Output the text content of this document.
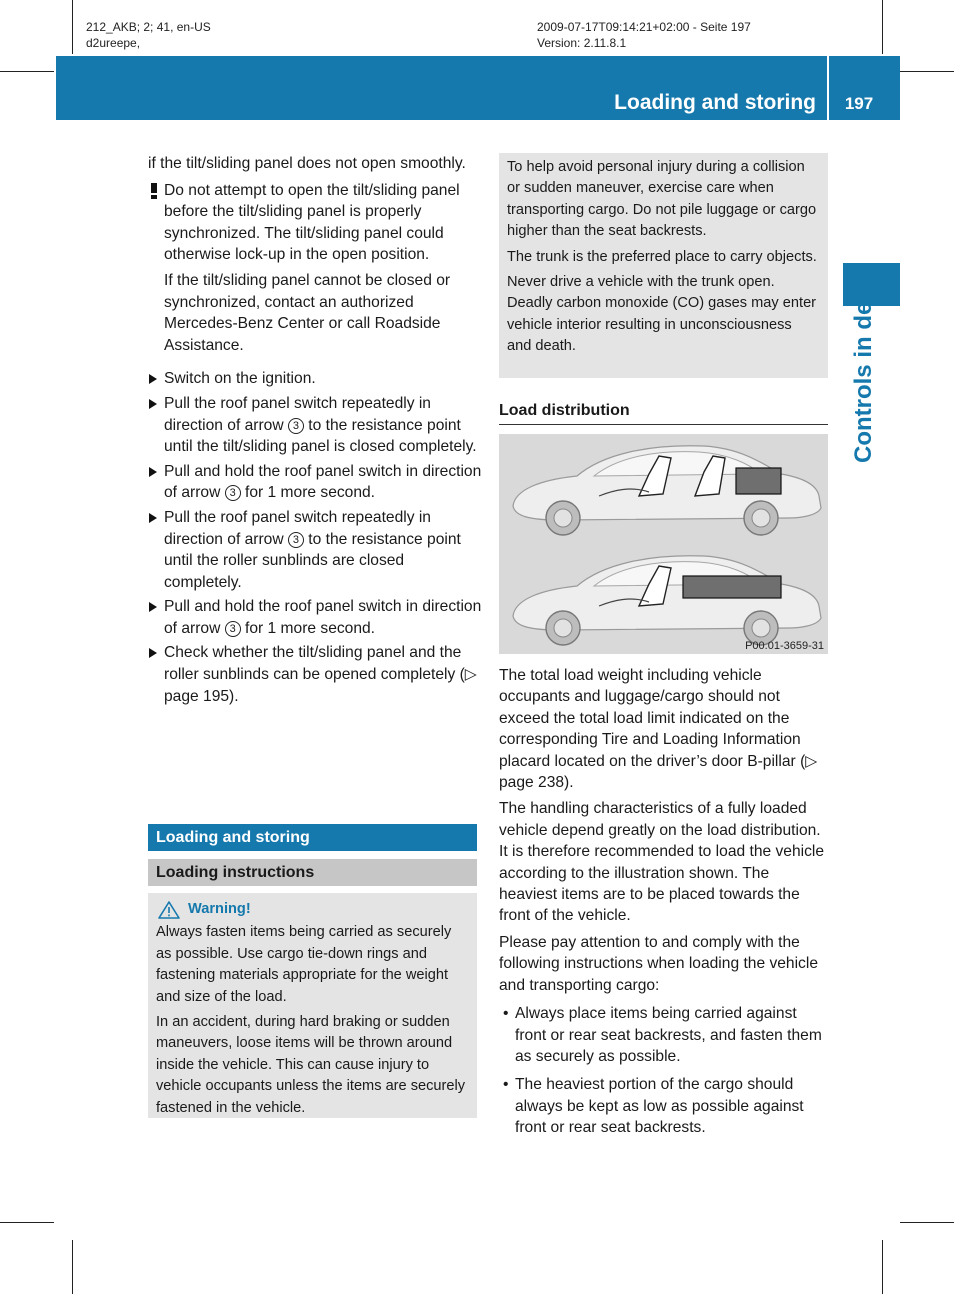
212_AKB; 2; 41, en-US
d2ureepe,
2009-07-17T09:14:21+02:00 - Seite 197
Version: 2.11.8.1
Loading and storing	197
Controls in detail

if the tilt/sliding panel does not open smoothly.

Do not attempt to open the tilt/sliding panel before the tilt/sliding panel is properly synchronized. The tilt/sliding panel could otherwise lock-up in the open position.

If the tilt/sliding panel cannot be closed or synchronized, contact an authorized Mercedes-Benz Center or call Roadside Assistance.

Switch on the ignition.
Pull the roof panel switch repeatedly in direction of arrow 3 to the resistance point until the tilt/sliding panel is closed completely.
Pull and hold the roof panel switch in direction of arrow 3 for 1 more second.
Pull the roof panel switch repeatedly in direction of arrow 3 to the resistance point until the roller sunblinds are closed completely.
Pull and hold the roof panel switch in direction of arrow 3 for 1 more second.
Check whether the tilt/sliding panel and the roller sunblinds can be opened completely (▷ page 195).
Loading and storing
Loading instructions
Warning!

Always fasten items being carried as securely as possible. Use cargo tie-down rings and fastening materials appropriate for the weight and size of the load.

In an accident, during hard braking or sudden maneuvers, loose items will be thrown around inside the vehicle. This can cause injury to vehicle occupants unless the items are securely fastened in the vehicle.

To help avoid personal injury during a collision or sudden maneuver, exercise care when transporting cargo. Do not pile luggage or cargo higher than the seat backrests.

The trunk is the preferred place to carry objects.

Never drive a vehicle with the trunk open. Deadly carbon monoxide (CO) gases may enter vehicle interior resulting in unconsciousness and death.

Load distribution
P00.01-3659-31

The total load weight including vehicle occupants and luggage/cargo should not exceed the total load limit indicated on the corresponding Tire and Loading Information placard located on the driver’s door B-pillar (▷ page 238).

The handling characteristics of a fully loaded vehicle depend greatly on the load distribution. It is therefore recommended to load the vehicle according to the illustration shown. The heaviest items are to be placed towards the front of the vehicle.

Please pay attention to and comply with the following instructions when loading the vehicle and transporting cargo:

• Always place items being carried against front or rear seat backrests, and fasten them as securely as possible.
• The heaviest portion of the cargo should always be kept as low as possible against front or rear seat backrests.
